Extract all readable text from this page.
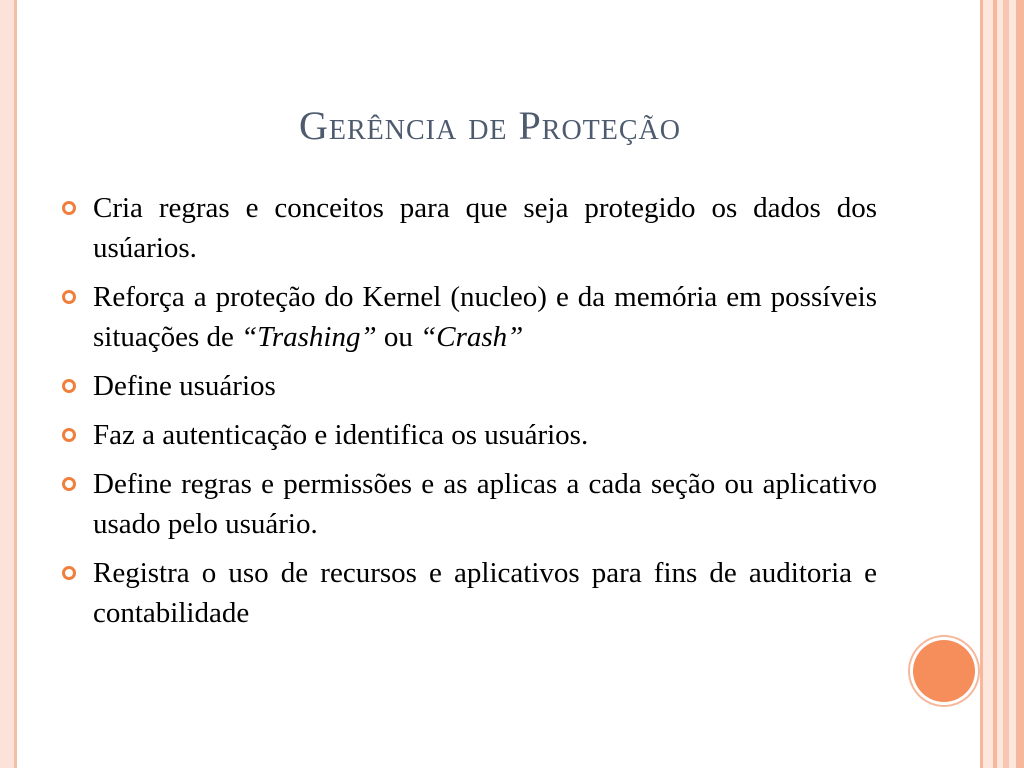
Gerência de Proteção
Cria regras e conceitos para que seja protegido os dados dos usúarios.
Reforça a proteção do Kernel (nucleo) e da memória em possíveis situações de “Trashing” ou “Crash”
Define usuários
Faz a autenticação e identifica os usuários.
Define regras e permissões e as aplicas a cada seção ou aplicativo usado pelo usuário.
Registra o uso de recursos e aplicativos para fins de auditoria e contabilidade
